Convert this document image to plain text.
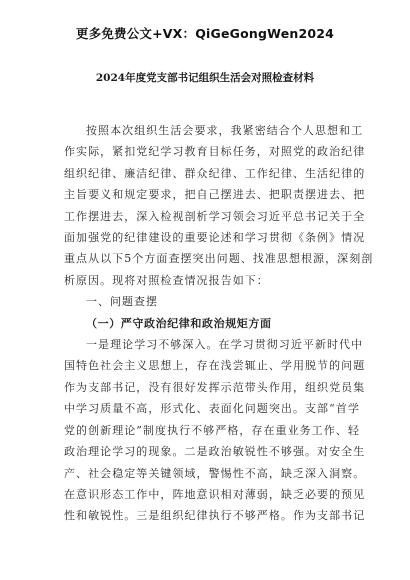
更多免费公文+VX：QiGeGongWen2024
2024年度党支部书记组织生活会对照检查材料
按照本次组织生活会要求，我紧密结合个人思想和工
作实际，紧扣党纪学习教育目标任务，对照党的政治纪律
组织纪律、廉洁纪律、群众纪律、工作纪律、生活纪律的
主旨要义和规定要求，把自己摆进去、把职责摆进去、把
工作摆进去，深入检视剖析学习领会习近平总书记关于全
面加强党的纪律建设的重要论述和学习贯彻《条例》情况
重点从以下5个方面查摆突出问题、找准思想根源，深刻剖
析原因。现将对照检查情况报告如下：
一、问题查摆
（一）严守政治纪律和政治规矩方面
一是理论学习不够深入。在学习贯彻习近平新时代中
国特色社会主义思想上，存在浅尝辄止、学用脱节的问题
作为支部书记，没有很好发挥示范带头作用，组织党员集
中学习质量不高，形式化、表面化问题突出。支部“首学
党的创新理论”制度执行不够严格，存在重业务工作、轻
政治理论学习的现象。二是政治敏锐性不够强。对安全生
产、社会稳定等关键领域，警惕性不高，缺乏深入洞察。
在意识形态工作中，阵地意识相对薄弱，缺乏必要的预见
性和敏锐性。三是组织纪律执行不够严格。作为支部书记
